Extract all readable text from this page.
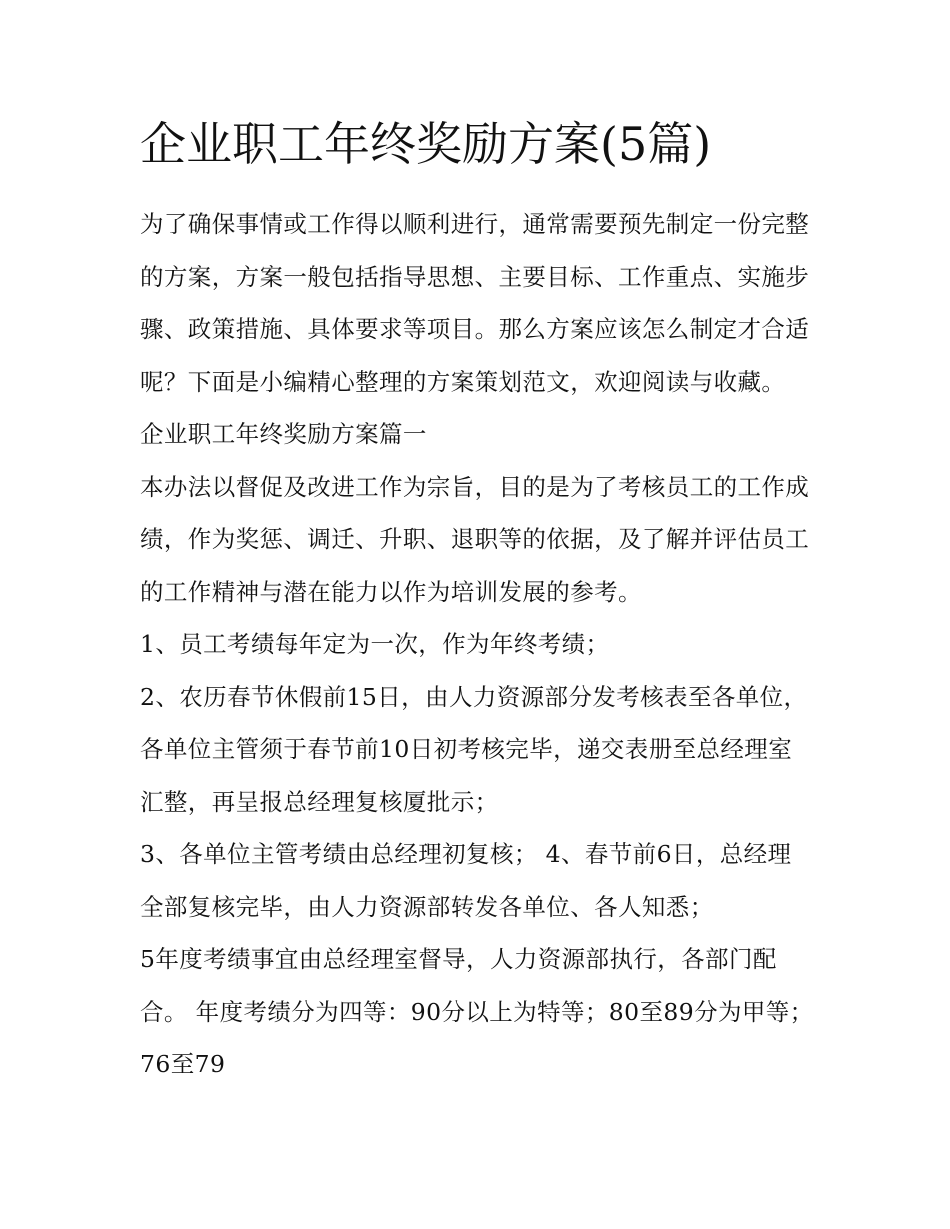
企业职工年终奖励方案(5篇)

为了确保事情或工作得以顺利进行，通常需要预先制定一份完整的方案，方案一般包括指导思想、主要目标、工作重点、实施步骤、政策措施、具体要求等项目。那么方案应该怎么制定才合适呢？下面是小编精心整理的方案策划范文，欢迎阅读与收藏。

企业职工年终奖励方案篇一

本办法以督促及改进工作为宗旨，目的是为了考核员工的工作成绩，作为奖惩、调迁、升职、退职等的依据，及了解并评估员工的工作精神与潜在能力以作为培训发展的参考。

1、员工考绩每年定为一次，作为年终考绩；

2、农历春节休假前15日，由人力资源部分发考核表至各单位，各单位主管须于春节前10日初考核完毕，递交表册至总经理室汇整，再呈报总经理复核厦批示；

3、各单位主管考绩由总经理初复核； 4、春节前6日，总经理全部复核完毕，由人力资源部转发各单位、各人知悉；

5年度考绩事宜由总经理室督导，人力资源部执行，各部门配合。 年度考绩分为四等：90分以上为特等；80至89分为甲等；76至79
